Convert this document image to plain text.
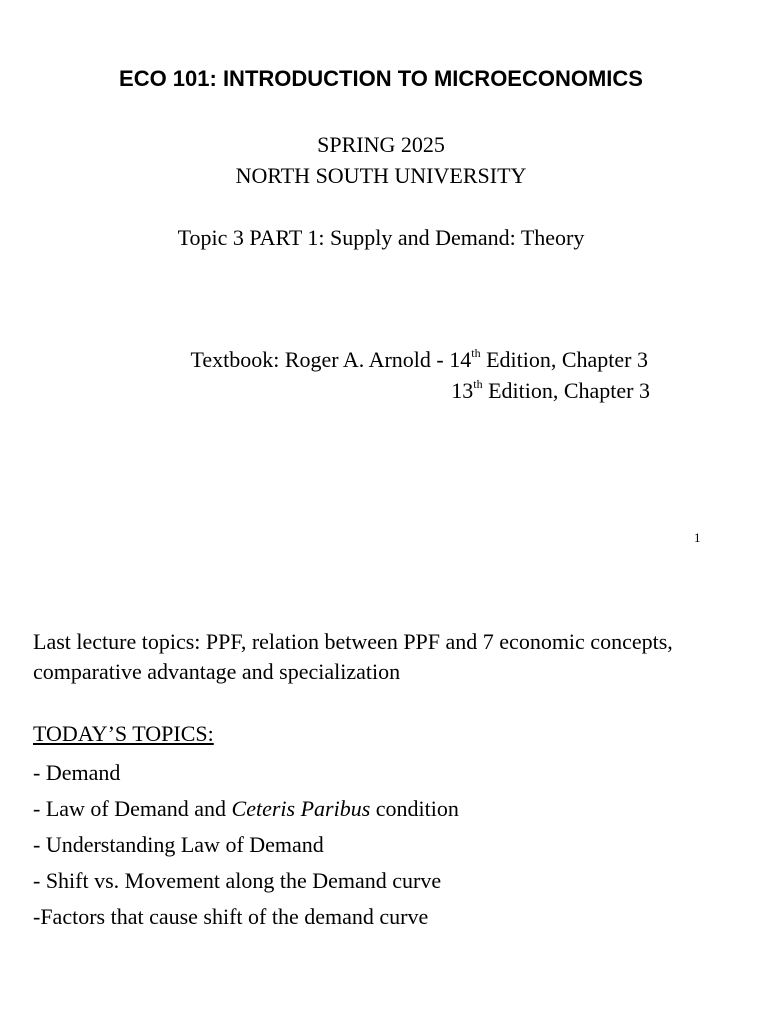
ECO 101: INTRODUCTION TO MICROECONOMICS
SPRING 2025
NORTH SOUTH UNIVERSITY
Topic 3 PART 1: Supply and Demand: Theory
Textbook: Roger A. Arnold - 14th Edition, Chapter 3
13th Edition, Chapter 3
1
Last lecture topics: PPF, relation between PPF and 7 economic concepts, comparative advantage and specialization
TODAY’S TOPICS:
- Demand
- Law of Demand and Ceteris Paribus condition
- Understanding Law of Demand
- Shift vs. Movement along the Demand curve
-Factors that cause shift of the demand curve
